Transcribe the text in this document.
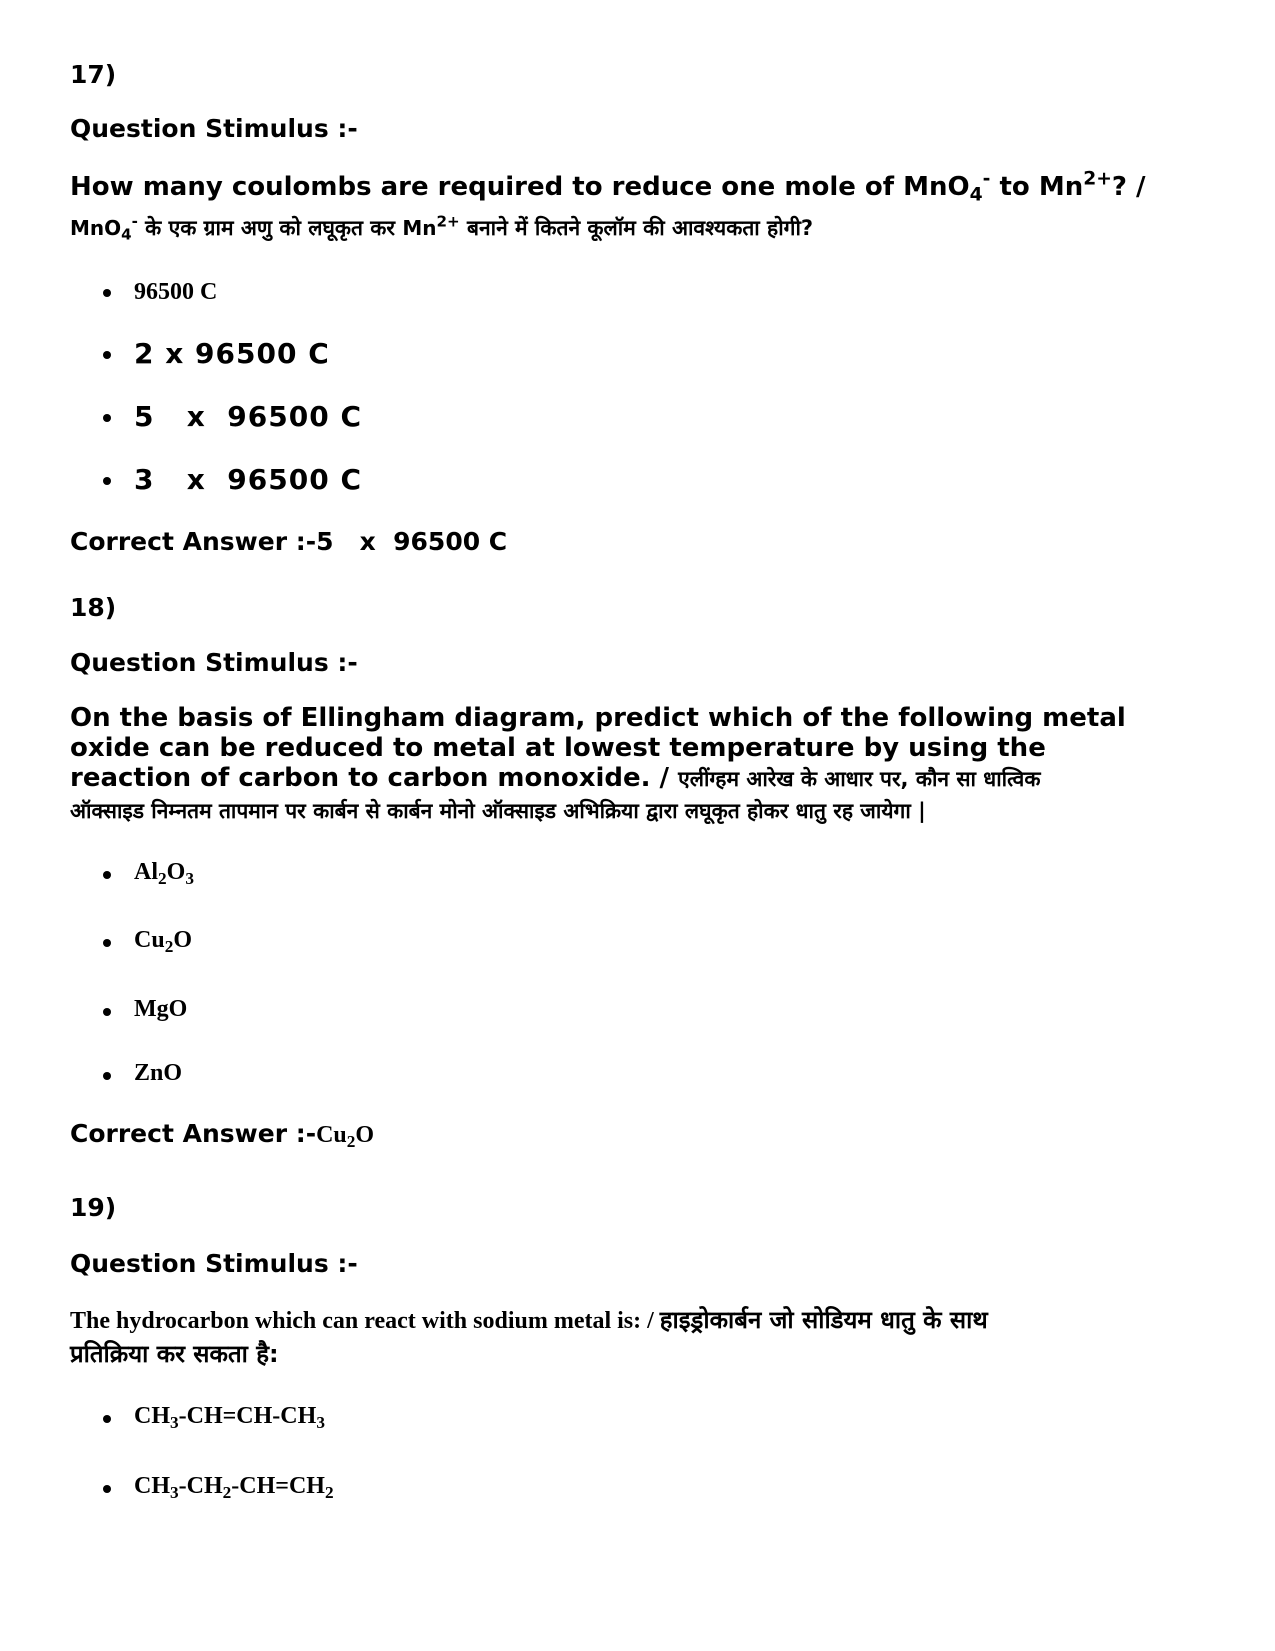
17)
Question Stimulus :-
How many coulombs are required to reduce one mole of MnO$_4$- to $Mn^{2+}$? /
MnO$_4$- के एक ग्राम अणु को लघूकृत कर $Mn^{2+}$ बनाने में कितने कूलॉम की आवश्यकता होगी?
96500 C
2 x 96500 C
5   x  96500 C
3   x  96500 C
Correct Answer :-5   x  96500 C
18)
Question Stimulus :-
On the basis of Ellingham diagram, predict which of the following metal
oxide can be reduced to metal at lowest temperature by using the
reaction of carbon to carbon monoxide. / एलींग्हम आरेख के आधार पर, कौन सा धात्विक
ऑक्साइड निम्नतम तापमान पर कार्बन से कार्बन मोनो ऑक्साइड अभिक्रिया द्वारा लघूकृत होकर धातु रह जायेगा |
$Al_2O_3$
$Cu_2O$
MgO
ZnO
Correct Answer $:-Cu_2O$
19)
Question Stimulus :-
The hydrocarbon which can react with sodium metal is: / हाइड्रोकार्बन जो सोडियम धातु के साथ
प्रतिक्रिया कर सकता है:
$CH_3-CH=CH-CH_3$
$CH_3-CH_2-CH=CH_2$
